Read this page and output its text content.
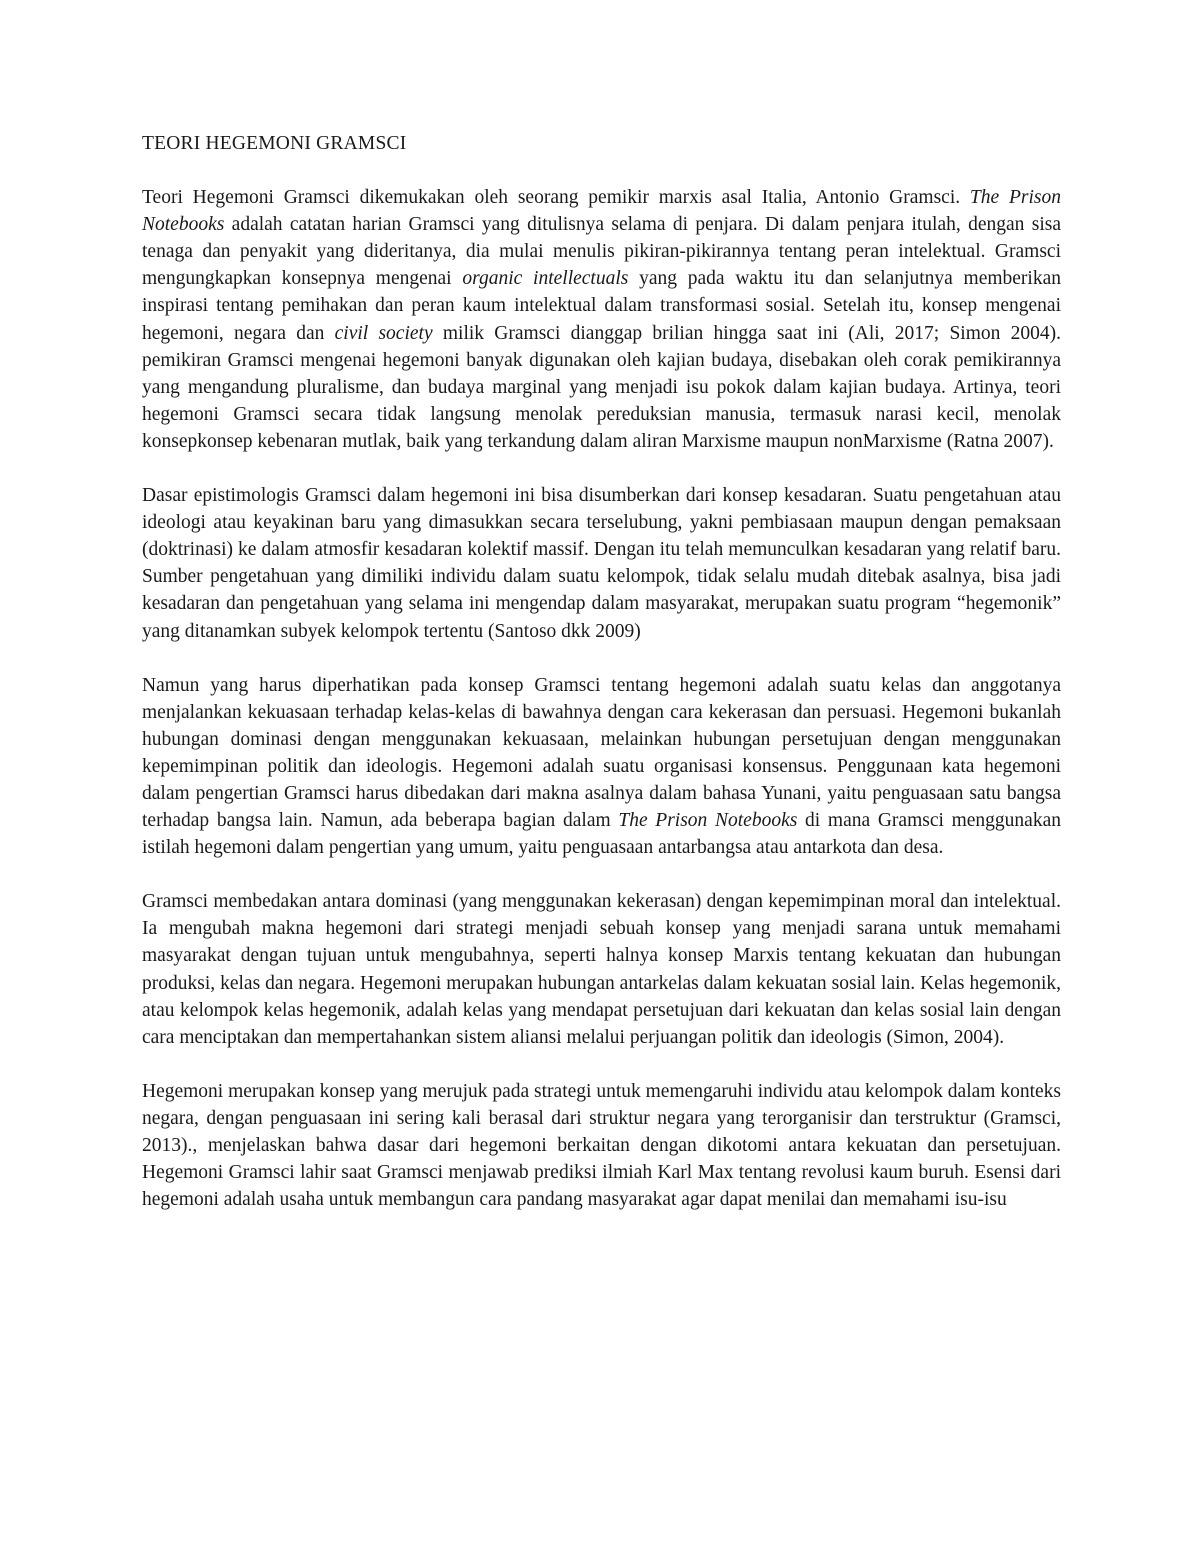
TEORI HEGEMONI GRAMSCI

Teori Hegemoni Gramsci dikemukakan oleh seorang pemikir marxis asal Italia, Antonio Gramsci. The Prison Notebooks adalah catatan harian Gramsci yang ditulisnya selama di penjara. Di dalam penjara itulah, dengan sisa tenaga dan penyakit yang dideritanya, dia mulai menulis pikiran-pikirannya tentang peran intelektual. Gramsci mengungkapkan konsepnya mengenai organic intellectuals yang pada waktu itu dan selanjutnya memberikan inspirasi tentang pemihakan dan peran kaum intelektual dalam transformasi sosial. Setelah itu, konsep mengenai hegemoni, negara dan civil society milik Gramsci dianggap brilian hingga saat ini (Ali, 2017; Simon 2004). pemikiran Gramsci mengenai hegemoni banyak digunakan oleh kajian budaya, disebakan oleh corak pemikirannya yang mengandung pluralisme, dan budaya marginal yang menjadi isu pokok dalam kajian budaya. Artinya, teori hegemoni Gramsci secara tidak langsung menolak pereduksian manusia, termasuk narasi kecil, menolak konsepkonsep kebenaran mutlak, baik yang terkandung dalam aliran Marxisme maupun nonMarxisme (Ratna 2007).

Dasar epistimologis Gramsci dalam hegemoni ini bisa disumberkan dari konsep kesadaran. Suatu pengetahuan atau ideologi atau keyakinan baru yang dimasukkan secara terselubung, yakni pembiasaan maupun dengan pemaksaan (doktrinasi) ke dalam atmosfir kesadaran kolektif massif. Dengan itu telah memunculkan kesadaran yang relatif baru. Sumber pengetahuan yang dimiliki individu dalam suatu kelompok, tidak selalu mudah ditebak asalnya, bisa jadi kesadaran dan pengetahuan yang selama ini mengendap dalam masyarakat, merupakan suatu program “hegemonik” yang ditanamkan subyek kelompok tertentu (Santoso dkk 2009)

Namun yang harus diperhatikan pada konsep Gramsci tentang hegemoni adalah suatu kelas dan anggotanya menjalankan kekuasaan terhadap kelas-kelas di bawahnya dengan cara kekerasan dan persuasi. Hegemoni bukanlah hubungan dominasi dengan menggunakan kekuasaan, melainkan hubungan persetujuan dengan menggunakan kepemimpinan politik dan ideologis. Hegemoni adalah suatu organisasi konsensus. Penggunaan kata hegemoni dalam pengertian Gramsci harus dibedakan dari makna asalnya dalam bahasa Yunani, yaitu penguasaan satu bangsa terhadap bangsa lain. Namun, ada beberapa bagian dalam The Prison Notebooks di mana Gramsci menggunakan istilah hegemoni dalam pengertian yang umum, yaitu penguasaan antarbangsa atau antarkota dan desa.

Gramsci membedakan antara dominasi (yang menggunakan kekerasan) dengan kepemimpinan moral dan intelektual. Ia mengubah makna hegemoni dari strategi menjadi sebuah konsep yang menjadi sarana untuk memahami masyarakat dengan tujuan untuk mengubahnya, seperti halnya konsep Marxis tentang kekuatan dan hubungan produksi, kelas dan negara. Hegemoni merupakan hubungan antarkelas dalam kekuatan sosial lain. Kelas hegemonik, atau kelompok kelas hegemonik, adalah kelas yang mendapat persetujuan dari kekuatan dan kelas sosial lain dengan cara menciptakan dan mempertahankan sistem aliansi melalui perjuangan politik dan ideologis (Simon, 2004).

Hegemoni merupakan konsep yang merujuk pada strategi untuk memengaruhi individu atau kelompok dalam konteks negara, dengan penguasaan ini sering kali berasal dari struktur negara yang terorganisir dan terstruktur (Gramsci, 2013)., menjelaskan bahwa dasar dari hegemoni berkaitan dengan dikotomi antara kekuatan dan persetujuan. Hegemoni Gramsci lahir saat Gramsci menjawab prediksi ilmiah Karl Max tentang revolusi kaum buruh. Esensi dari hegemoni adalah usaha untuk membangun cara pandang masyarakat agar dapat menilai dan memahami isu-isu
